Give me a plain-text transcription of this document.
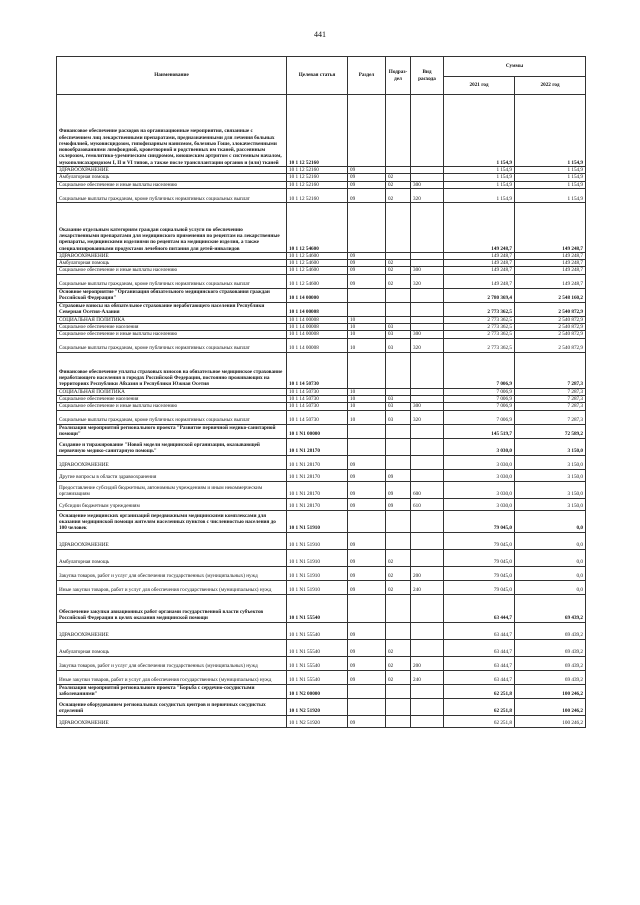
441
Наименование	Целевая статья	Раздел	Подраз-дел	Вид расхода	Суммы	
					2021 год	2022 год
Финансовое обеспечение расходов на организационные мероприятия, связанные с обеспечением лиц лекарственными препаратами, предназначенными для лечения больных гемофилией, муковисцидозом, гипофизарным нанизмом, болезнью Гоше, злокачественными новообразованиями лимфоидной, кроветворной и родственных им тканей, рассеянным склерозом, гемолитико-уремическим синдромом, юношеским артритом с системным началом, мукополисахаридозом I, II и VI типов, а также после трансплантации органов и (или) тканей	10 1 12 52160				1 154,9	1 154,9
ЗДРАВООХРАНЕНИЕ	10 1 12 52160	09			1 154,9	1 154,9
Амбулаторная помощь	10 1 12 52160	09	02		1 154,9	1 154,9
Социальное обеспечение и иные выплаты населению	10 1 12 52160	09	02	300	1 154,9	1 154,9
Социальные выплаты гражданам, кроме публичных нормативных социальных выплат	10 1 12 52160	09	02	320	1 154,9	1 154,9
Оказание отдельным категориям граждан социальной услуги по обеспечению лекарственными препаратами для медицинского применения по рецептам на лекарственные препараты, медицинскими изделиями по рецептам на медицинские изделия, а также специализированными продуктами лечебного питания для детей-инвалидов	10 1 12 54600				149 248,7	149 248,7
ЗДРАВООХРАНЕНИЕ	10 1 12 54600	09			149 248,7	149 248,7
Амбулаторная помощь	10 1 12 54600	09	02		149 248,7	149 248,7
Социальное обеспечение и иные выплаты населению	10 1 12 54600	09	02	300	149 248,7	149 248,7
Социальные выплаты гражданам, кроме публичных нормативных социальных выплат	10 1 12 54600	09	02	320	149 248,7	149 248,7
Основное мероприятие "Организация обязательного медицинского страхования граждан Российской Федерации"	10 1 14 00000				2 780 369,4	2 548 160,2
Страховые взносы на обязательное страхование неработающего населения Республики Северная Осетия-Алания	10 1 14 00008				2 773 362,5	2 540 872,9
СОЦИАЛЬНАЯ ПОЛИТИКА	10 1 14 00008	10			2 773 362,5	2 540 872,9
Социальное обеспечение населения	10 1 14 00008	10	03		2 773 362,5	2 540 872,9
Социальное обеспечение и иные выплаты населению	10 1 14 00008	10	03	300	2 773 362,5	2 540 872,9
Социальные выплаты гражданам, кроме публичных нормативных социальных выплат	10 1 14 00008	10	03	320	2 773 362,5	2 540 872,9
Финансовое обеспечение уплаты страховых взносов на обязательное медицинское страхование неработающего населения в городах Российской Федерации, постоянно проживающих на территориях Республики Абхазия и Республики Южная Осетия	10 1 14 50730				7 006,9	7 287,3
СОЦИАЛЬНАЯ ПОЛИТИКА	10 1 14 50730	10			7 006,9	7 287,3
Социальное обеспечение населения	10 1 14 50730	10	03		7 006,9	7 287,3
Социальное обеспечение и иные выплаты населению	10 1 14 50730	10	03	300	7 006,9	7 287,3
Социальные выплаты гражданам, кроме публичных нормативных социальных выплат	10 1 14 50730	10	03	320	7 006,9	7 287,3
Реализация мероприятий регионального проекта "Развитие первичной медико-санитарной помощи"	10 1 N1 00000				145 519,7	72 589,2
Создание и тиражирование "Новой модели медицинской организации, оказывающей первичную медико-санитарную помощь"	10 1 N1 28170				3 030,0	3 150,0
ЗДРАВООХРАНЕНИЕ	10 1 N1 28170	09			3 030,0	3 150,0
Другие вопросы в области здравоохранения	10 1 N1 28170	09	09		3 030,0	3 150,0
Предоставление субсидий бюджетным, автономным учреждениям и иным некоммерческим организациям	10 1 N1 28170	09	09	600	3 030,0	3 150,0
Субсидии бюджетным учреждениям	10 1 N1 28170	09	09	610	3 030,0	3 150,0
Оснащение медицинских организаций передвижными медицинскими комплексами для оказания медицинской помощи жителям населенных пунктов с численностью населения до 100 человек	10 1 N1 51910				79 045,0	0,0
ЗДРАВООХРАНЕНИЕ	10 1 N1 51910	09			79 045,0	0,0
Амбулаторная помощь	10 1 N1 51910	09	02		79 045,0	0,0
Закупка товаров, работ и услуг для обеспечения государственных (муниципальных) нужд	10 1 N1 51910	09	02	200	79 045,0	0,0
Иные закупки товаров, работ и услуг для обеспечения государственных (муниципальных) нужд	10 1 N1 51910	09	02	240	79 045,0	0,0
Обеспечение закупки авиационных работ органами государственной власти субъектов Российской Федерации в целях оказания медицинской помощи	10 1 N1 55540				63 444,7	69 439,2
ЗДРАВООХРАНЕНИЕ	10 1 N1 55540	09			63 444,7	69 439,2
Амбулаторная помощь	10 1 N1 55540	09	02		63 444,7	69 439,2
Закупка товаров, работ и услуг для обеспечения государственных (муниципальных) нужд	10 1 N1 55540	09	02	200	63 444,7	69 439,2
Иные закупки товаров, работ и услуг для обеспечения государственных (муниципальных) нужд	10 1 N1 55540	09	02	240	63 444,7	69 439,2
Реализация мероприятий регионального проекта "Борьба с сердечно-сосудистыми заболеваниями"	10 1 N2 00000				62 251,8	100 246,2
Оснащение оборудованием региональных сосудистых центров и первичных сосудистых отделений	10 1 N2 51920				62 251,8	100 246,2
ЗДРАВООХРАНЕНИЕ	10 1 N2 51920	09			62 251,8	100 246,2
